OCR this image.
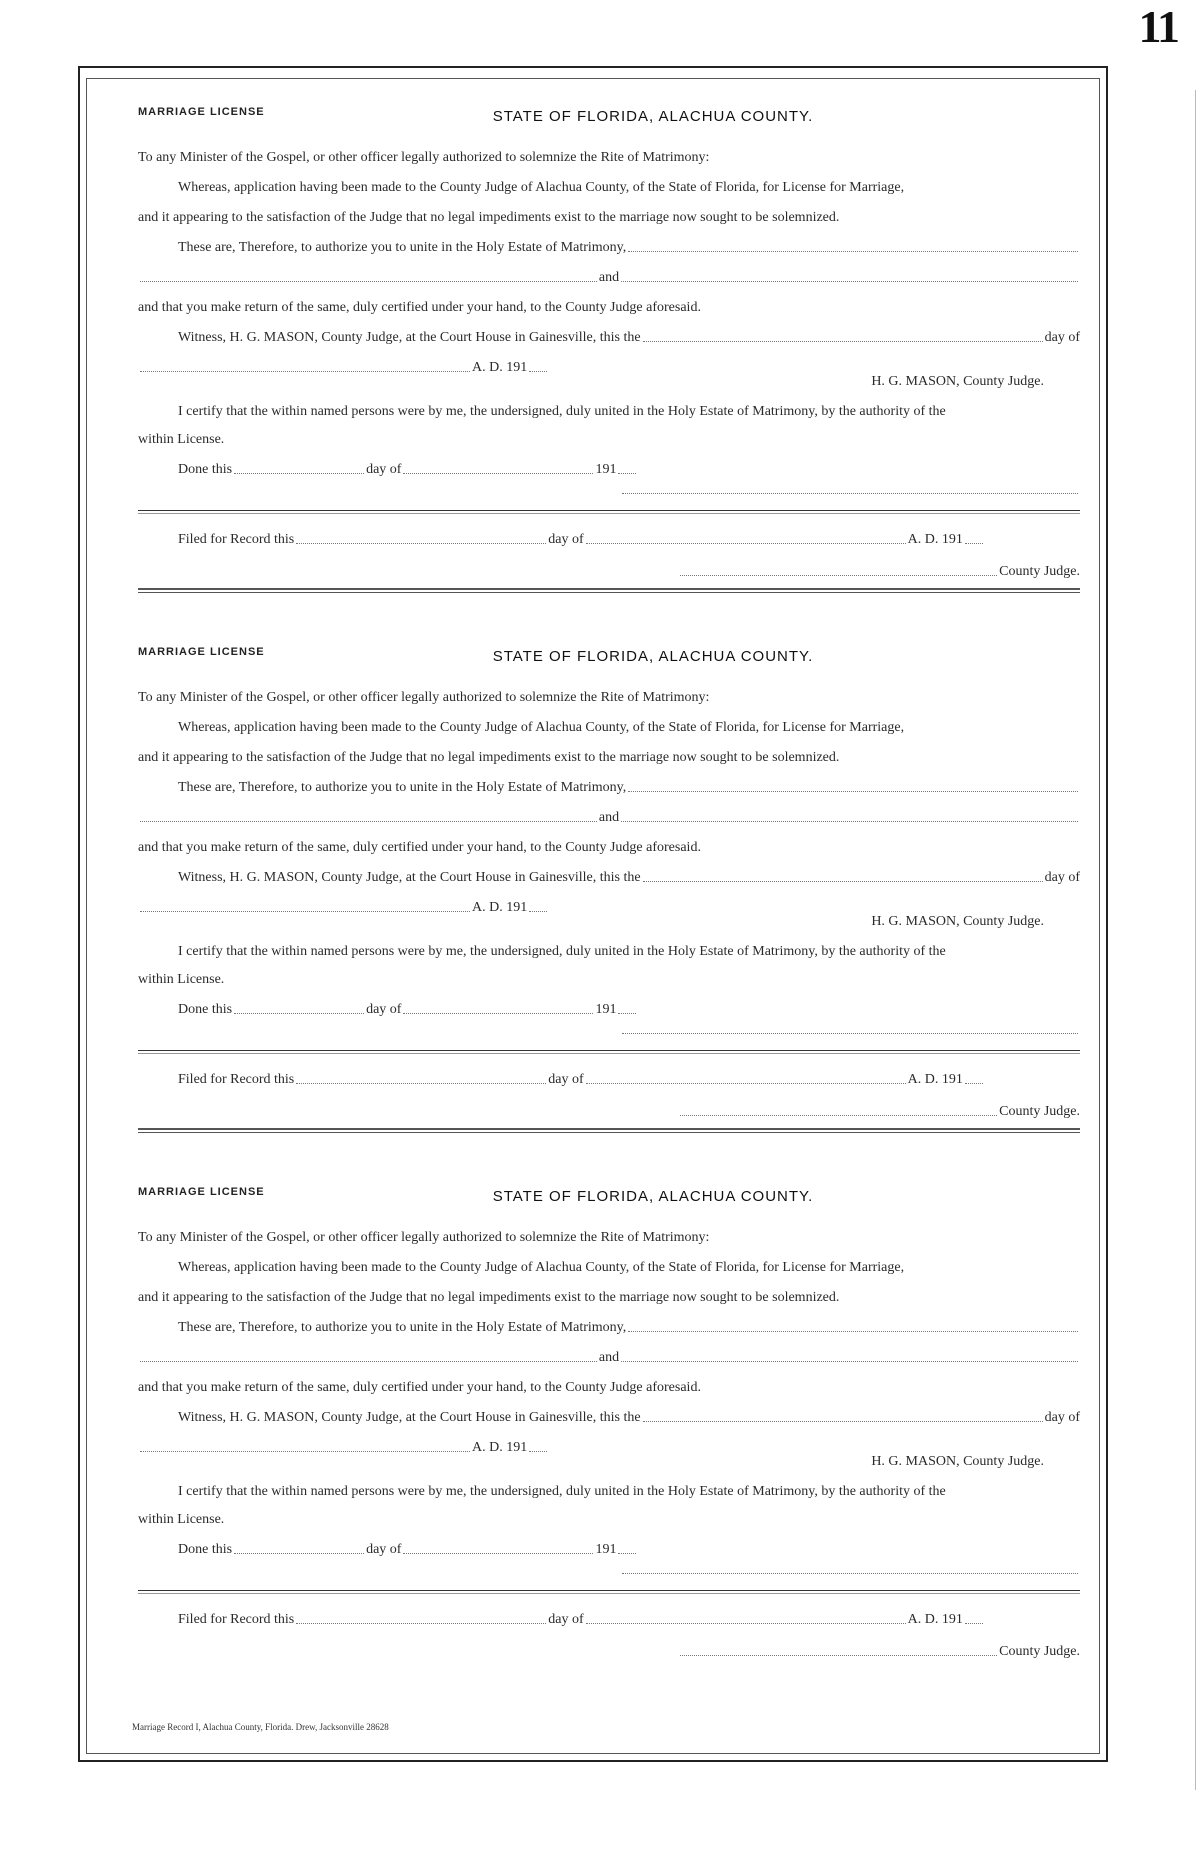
11
MARRIAGE LICENSE	STATE OF FLORIDA, ALACHUA COUNTY.
To any Minister of the Gospel, or other officer legally authorized to solemnize the Rite of Matrimony:
Whereas, application having been made to the County Judge of Alachua County, of the State of Florida, for License for Marriage,
and it appearing to the satisfaction of the Judge that no legal impediments exist to the marriage now sought to be solemnized.
These are, Therefore, to authorize you to unite in the Holy Estate of Matrimony,
and
and that you make return of the same, duly certified under your hand, to the County Judge aforesaid.
Witness, H. G. MASON, County Judge, at the Court House in Gainesville, this the	day of
A. D. 191
H. G. MASON, County Judge.
I certify that the within named persons were by me, the undersigned, duly united in the Holy Estate of Matrimony, by the authority of the
within License.
Done this	day of	191
Filed for Record this	day of	A. D. 191
County Judge.
MARRIAGE LICENSE	STATE OF FLORIDA, ALACHUA COUNTY.
To any Minister of the Gospel, or other officer legally authorized to solemnize the Rite of Matrimony:
Whereas, application having been made to the County Judge of Alachua County, of the State of Florida, for License for Marriage,
and it appearing to the satisfaction of the Judge that no legal impediments exist to the marriage now sought to be solemnized.
These are, Therefore, to authorize you to unite in the Holy Estate of Matrimony,
and
and that you make return of the same, duly certified under your hand, to the County Judge aforesaid.
Witness, H. G. MASON, County Judge, at the Court House in Gainesville, this the	day of
A. D. 191
H. G. MASON, County Judge.
I certify that the within named persons were by me, the undersigned, duly united in the Holy Estate of Matrimony, by the authority of the
within License.
Done this	day of	191
Filed for Record this	day of	A. D. 191
County Judge.
MARRIAGE LICENSE	STATE OF FLORIDA, ALACHUA COUNTY.
To any Minister of the Gospel, or other officer legally authorized to solemnize the Rite of Matrimony:
Whereas, application having been made to the County Judge of Alachua County, of the State of Florida, for License for Marriage,
and it appearing to the satisfaction of the Judge that no legal impediments exist to the marriage now sought to be solemnized.
These are, Therefore, to authorize you to unite in the Holy Estate of Matrimony,
and
and that you make return of the same, duly certified under your hand, to the County Judge aforesaid.
Witness, H. G. MASON, County Judge, at the Court House in Gainesville, this the	day of
A. D. 191
H. G. MASON, County Judge.
I certify that the within named persons were by me, the undersigned, duly united in the Holy Estate of Matrimony, by the authority of the
within License.
Done this	day of	191
Filed for Record this	day of	A. D. 191
County Judge.
Marriage Record I, Alachua County, Florida. Drew, Jacksonville 28628
